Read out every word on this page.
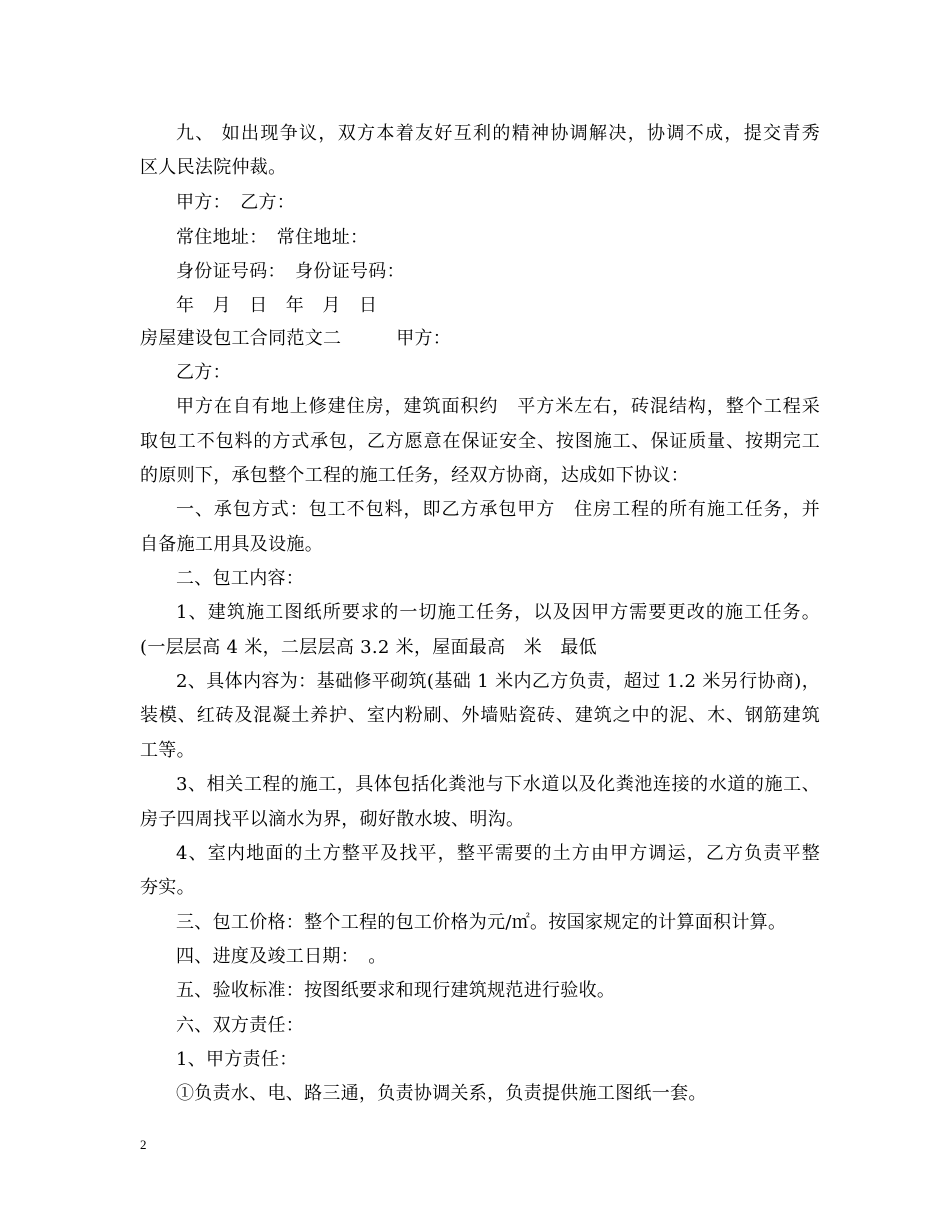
九、 如出现争议，双方本着友好互利的精神协调解决，协调不成，提交青秀
区人民法院仲裁。
甲方：　乙方：
常住地址：　常住地址：
身份证号码：　身份证号码：
年　月　日　年　月　日
房屋建设包工合同范文二　　　甲方：
乙方：
甲方在自有地上修建住房，建筑面积约　平方米左右，砖混结构，整个工程采
取包工不包料的方式承包，乙方愿意在保证安全、按图施工、保证质量、按期完工
的原则下，承包整个工程的施工任务，经双方协商，达成如下协议：
一、承包方式：包工不包料，即乙方承包甲方　住房工程的所有施工任务，并
自备施工用具及设施。
二、包工内容：
1、建筑施工图纸所要求的一切施工任务，以及因甲方需要更改的施工任务。
(一层层高 4 米，二层层高 3.2 米，屋面最高　米　最低
2、具体内容为：基础修平砌筑(基础 1 米内乙方负责，超过 1.2 米另行协商)，
装模、红砖及混凝土养护、室内粉刷、外墙贴瓷砖、建筑之中的泥、木、钢筋建筑
工等。
3、相关工程的施工，具体包括化粪池与下水道以及化粪池连接的水道的施工、
房子四周找平以滴水为界，砌好散水坡、明沟。
4、室内地面的土方整平及找平，整平需要的土方由甲方调运，乙方负责平整
夯实。
三、包工价格：整个工程的包工价格为元/㎡。按国家规定的计算面积计算。
四、进度及竣工日期：　。
五、验收标准：按图纸要求和现行建筑规范进行验收。
六、双方责任：
1、甲方责任：
①负责水、电、路三通，负责协调关系，负责提供施工图纸一套。
2
